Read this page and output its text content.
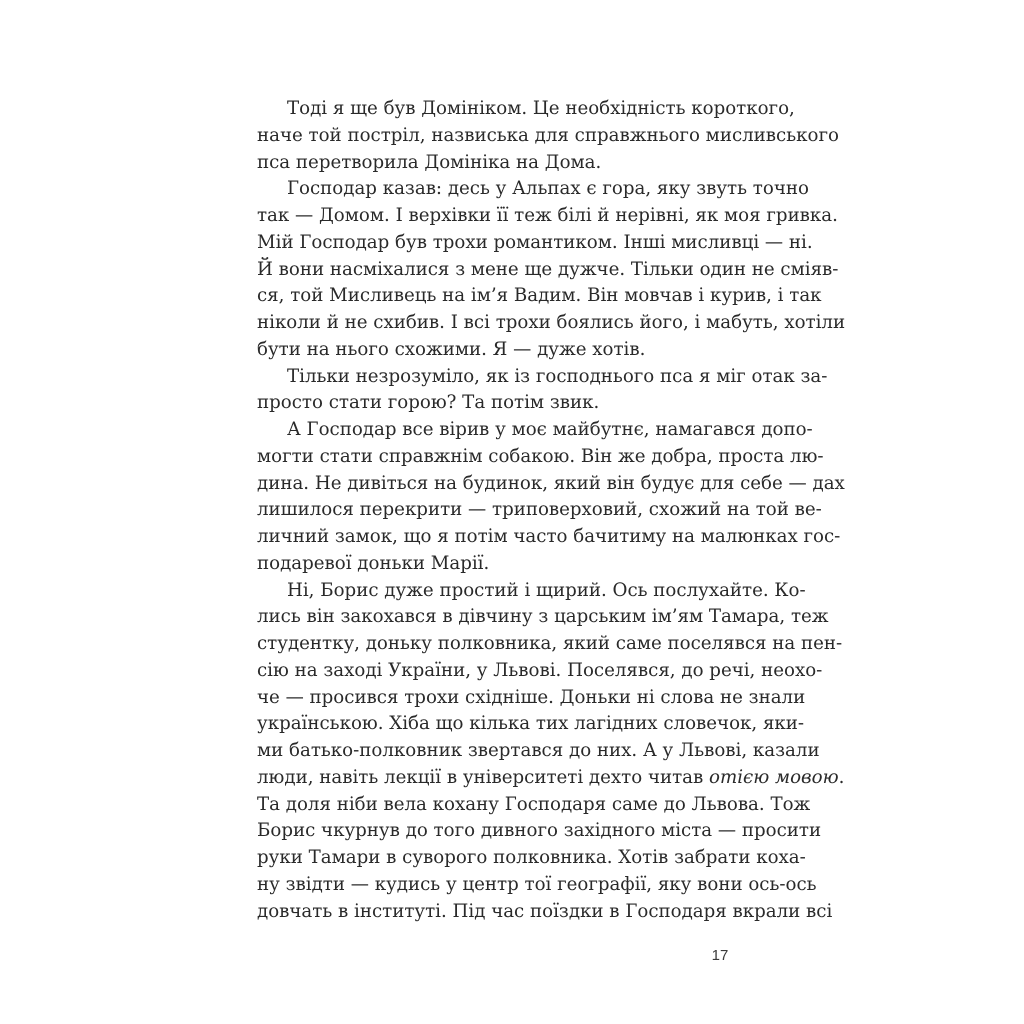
Тоді я ще був Домініком. Це необхідність короткого,
наче той постріл, назвиська для справжнього мисливського
пса перетворила Домініка на Дома.
Господар казав: десь у Альпах є гора, яку звуть точно
так — Домом. І верхівки її теж білі й нерівні, як моя гривка.
Мій Господар був трохи романтиком. Інші мисливці — ні.
Й вони насміхалися з мене ще дужче. Тільки один не сміяв-
ся, той Мисливець на ім’я Вадим. Він мовчав і курив, і так
ніколи й не схибив. І всі трохи боялись його, і мабуть, хотіли
бути на нього схожими. Я — дуже хотів.
Тільки незрозуміло, як із господнього пса я міг отак за-
просто стати горою? Та потім звик.
А Господар все вірив у моє майбутнє, намагався допо-
могти стати справжнім собакою. Він же добра, проста лю-
дина. Не дивіться на будинок, який він будує для себе — дах
лишилося перекрити — триповерховий, схожий на той ве-
личний замок, що я потім часто бачитиму на малюнках гос-
подаревої доньки Марії.
Ні, Борис дуже простий і щирий. Ось послухайте. Ко-
лись він закохався в дівчину з царським ім’ям Тамара, теж
студентку, доньку полковника, який саме поселявся на пен-
сію на заході України, у Львові. Поселявся, до речі, неохо-
че — просився трохи східніше. Доньки ні слова не знали
українською. Хіба що кілька тих лагідних словечок, яки-
ми батько-полковник звертався до них. А у Львові, казали
люди, навіть лекції в університеті дехто читав отією мовою.
Та доля ніби вела кохану Господаря саме до Львова. Тож
Борис чкурнув до того дивного західного міста — просити
руки Тамари в суворого полковника. Хотів забрати коха-
ну звідти — кудись у центр тої географії, яку вони ось-ось
довчать в інституті. Під час поїздки в Господаря вкрали всі
17
